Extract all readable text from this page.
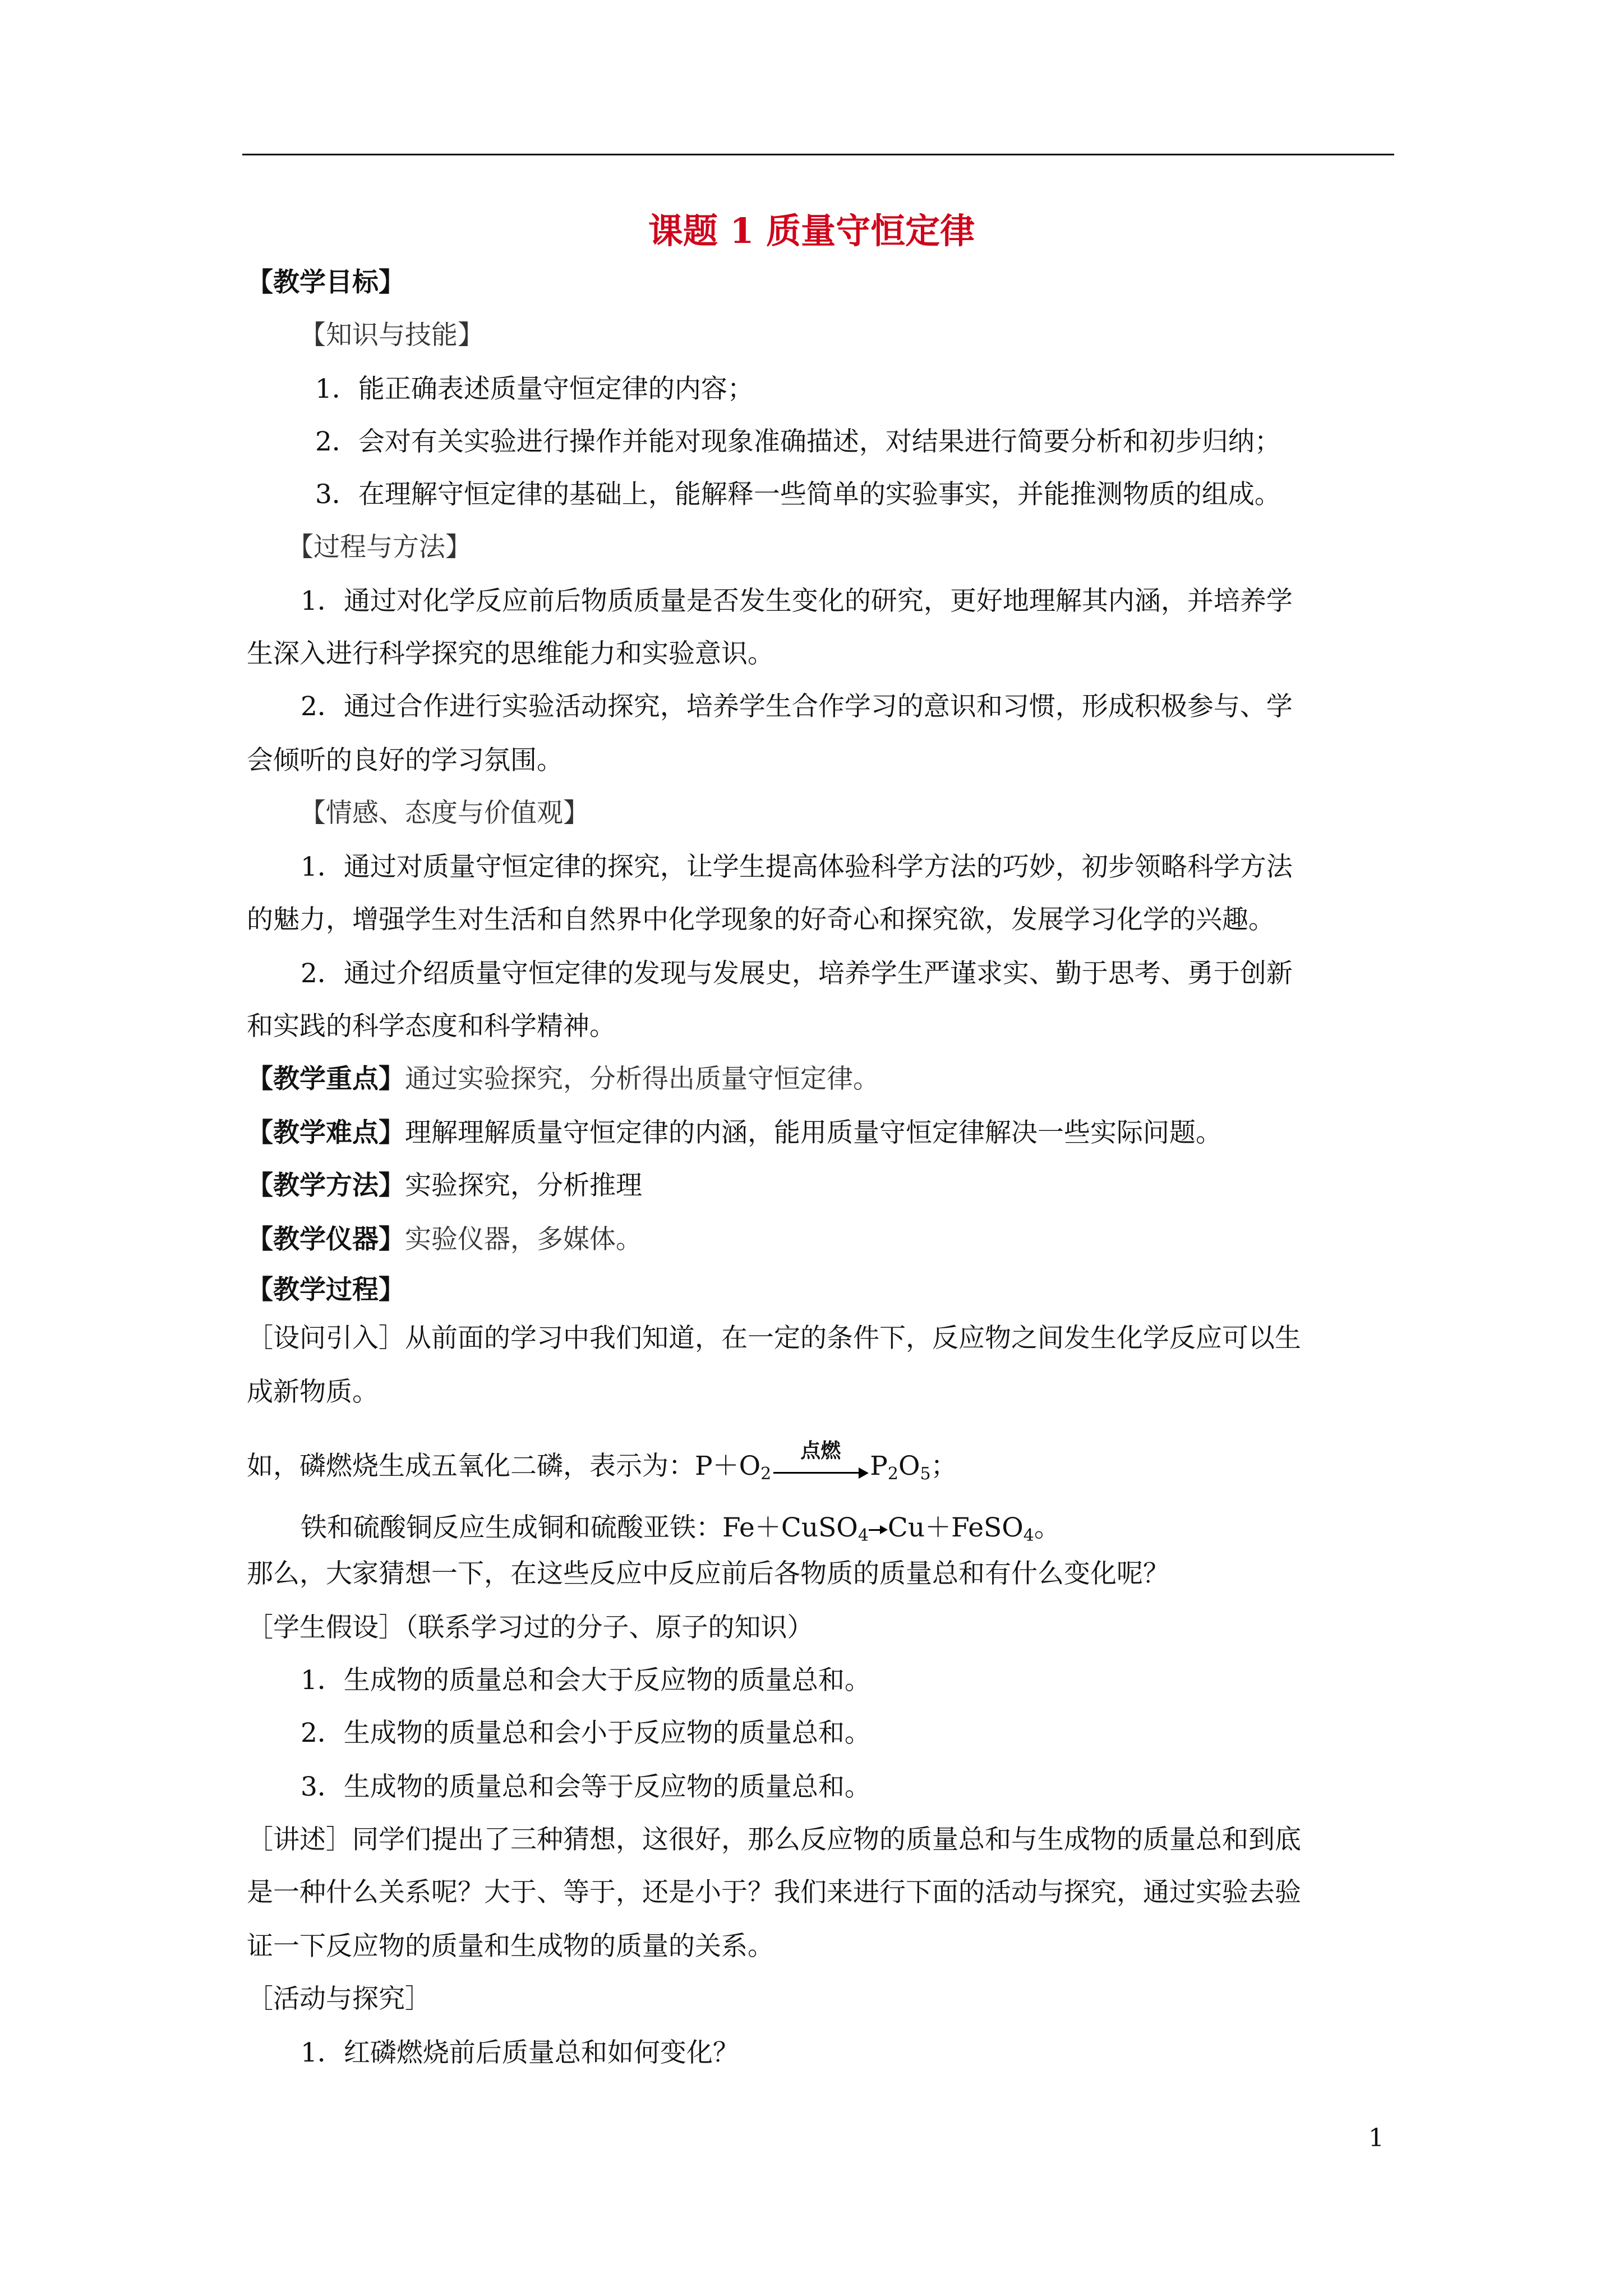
课题 1 质量守恒定律
【教学目标】
【知识与技能】
1．能正确表述质量守恒定律的内容；
2．会对有关实验进行操作并能对现象准确描述，对结果进行简要分析和初步归纳；
3．在理解守恒定律的基础上，能解释一些简单的实验事实，并能推测物质的组成。
【过程与方法】
1．通过对化学反应前后物质质量是否发生变化的研究，更好地理解其内涵，并培养学
生深入进行科学探究的思维能力和实验意识。
2．通过合作进行实验活动探究，培养学生合作学习的意识和习惯，形成积极参与、学
会倾听的良好的学习氛围。
【情感、态度与价值观】
1．通过对质量守恒定律的探究，让学生提高体验科学方法的巧妙，初步领略科学方法
的魅力，增强学生对生活和自然界中化学现象的好奇心和探究欲，发展学习化学的兴趣。
2．通过介绍质量守恒定律的发现与发展史，培养学生严谨求实、勤于思考、勇于创新
和实践的科学态度和科学精神。
【教学重点】通过实验探究，分析得出质量守恒定律。
【教学难点】理解理解质量守恒定律的内涵，能用质量守恒定律解决一些实际问题。
【教学方法】实验探究，分析推理
【教学仪器】实验仪器，多媒体。
【教学过程】
［设问引入］从前面的学习中我们知道，在一定的条件下，反应物之间发生化学反应可以生
成新物质。
如，磷燃烧生成五氧化二磷，表示为：$P+O_2$
点燃	$P_2O_5$；
铁和硫酸铜反应生成铜和硫酸亚铁：Fe＋CuSO$_4$ Cu＋FeSO$_4$。
那么，大家猜想一下，在这些反应中反应前后各物质的质量总和有什么变化呢？
［学生假设］（联系学习过的分子、原子的知识）
1．生成物的质量总和会大于反应物的质量总和。
2．生成物的质量总和会小于反应物的质量总和。
3．生成物的质量总和会等于反应物的质量总和。
［讲述］同学们提出了三种猜想，这很好，那么反应物的质量总和与生成物的质量总和到底
是一种什么关系呢？大于、等于，还是小于？我们来进行下面的活动与探究，通过实验去验
证一下反应物的质量和生成物的质量的关系。
［活动与探究］
1．红磷燃烧前后质量总和如何变化？
1
